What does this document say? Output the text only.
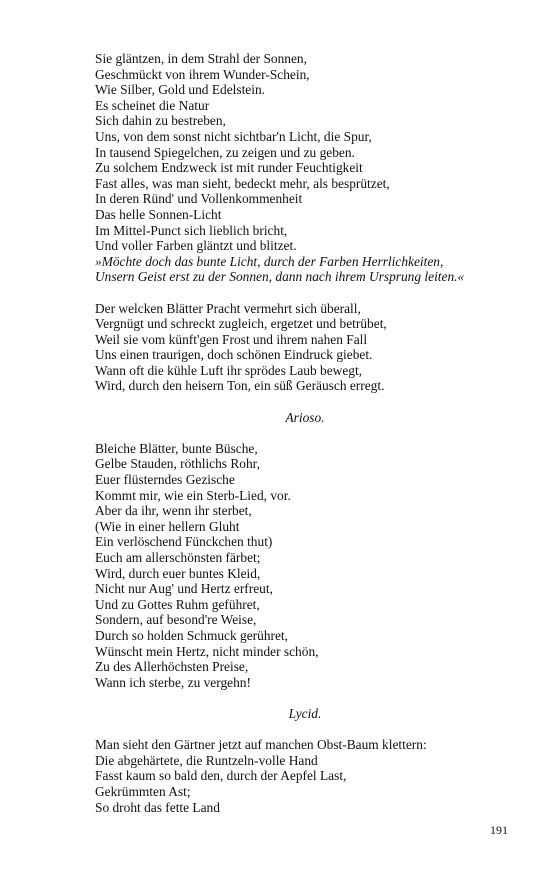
Sie gläntzen, in dem Strahl der Sonnen,
Geschmückt von ihrem Wunder-Schein,
Wie Silber, Gold und Edelstein.
Es scheinet die Natur
Sich dahin zu bestreben,
Uns, von dem sonst nicht sichtbar'n Licht, die Spur,
In tausend Spiegelchen, zu zeigen und zu geben.
Zu solchem Endzweck ist mit runder Feuchtigkeit
Fast alles, was man sieht, bedeckt mehr, als besprützet,
In deren Ründ' und Vollenkommenheit
Das helle Sonnen-Licht
Im Mittel-Punct sich lieblich bricht,
Und voller Farben gläntzt und blitzet.
»Möchte doch das bunte Licht, durch der Farben Herrlichkeiten,
Unsern Geist erst zu der Sonnen, dann nach ihrem Ursprung leiten.«
Der welcken Blätter Pracht vermehrt sich überall,
Vergnügt und schreckt zugleich, ergetzet und betrübet,
Weil sie vom künft'gen Frost und ihrem nahen Fall
Uns einen traurigen, doch schönen Eindruck giebet.
Wann oft die kühle Luft ihr sprödes Laub bewegt,
Wird, durch den heisern Ton, ein süß Geräusch erregt.
Arioso.
Bleiche Blätter, bunte Büsche,
Gelbe Stauden, röthlichs Rohr,
Euer flüsterndes Gezische
Kommt mir, wie ein Sterb-Lied, vor.
Aber da ihr, wenn ihr sterbet,
(Wie in einer hellern Gluht
Ein verlöschend Fünckchen thut)
Euch am allerschönsten färbet;
Wird, durch euer buntes Kleid,
Nicht nur Aug' und Hertz erfreut,
Und zu Gottes Ruhm geführet,
Sondern, auf besond're Weise,
Durch so holden Schmuck gerühret,
Wünscht mein Hertz, nicht minder schön,
Zu des Allerhöchsten Preise,
Wann ich sterbe, zu vergehn!
Lycid.
Man sieht den Gärtner jetzt auf manchen Obst-Baum klettern:
Die abgehärtete, die Runtzeln-volle Hand
Fasst kaum so bald den, durch der Aepfel Last,
Gekrümmten Ast;
So droht das fette Land
191
